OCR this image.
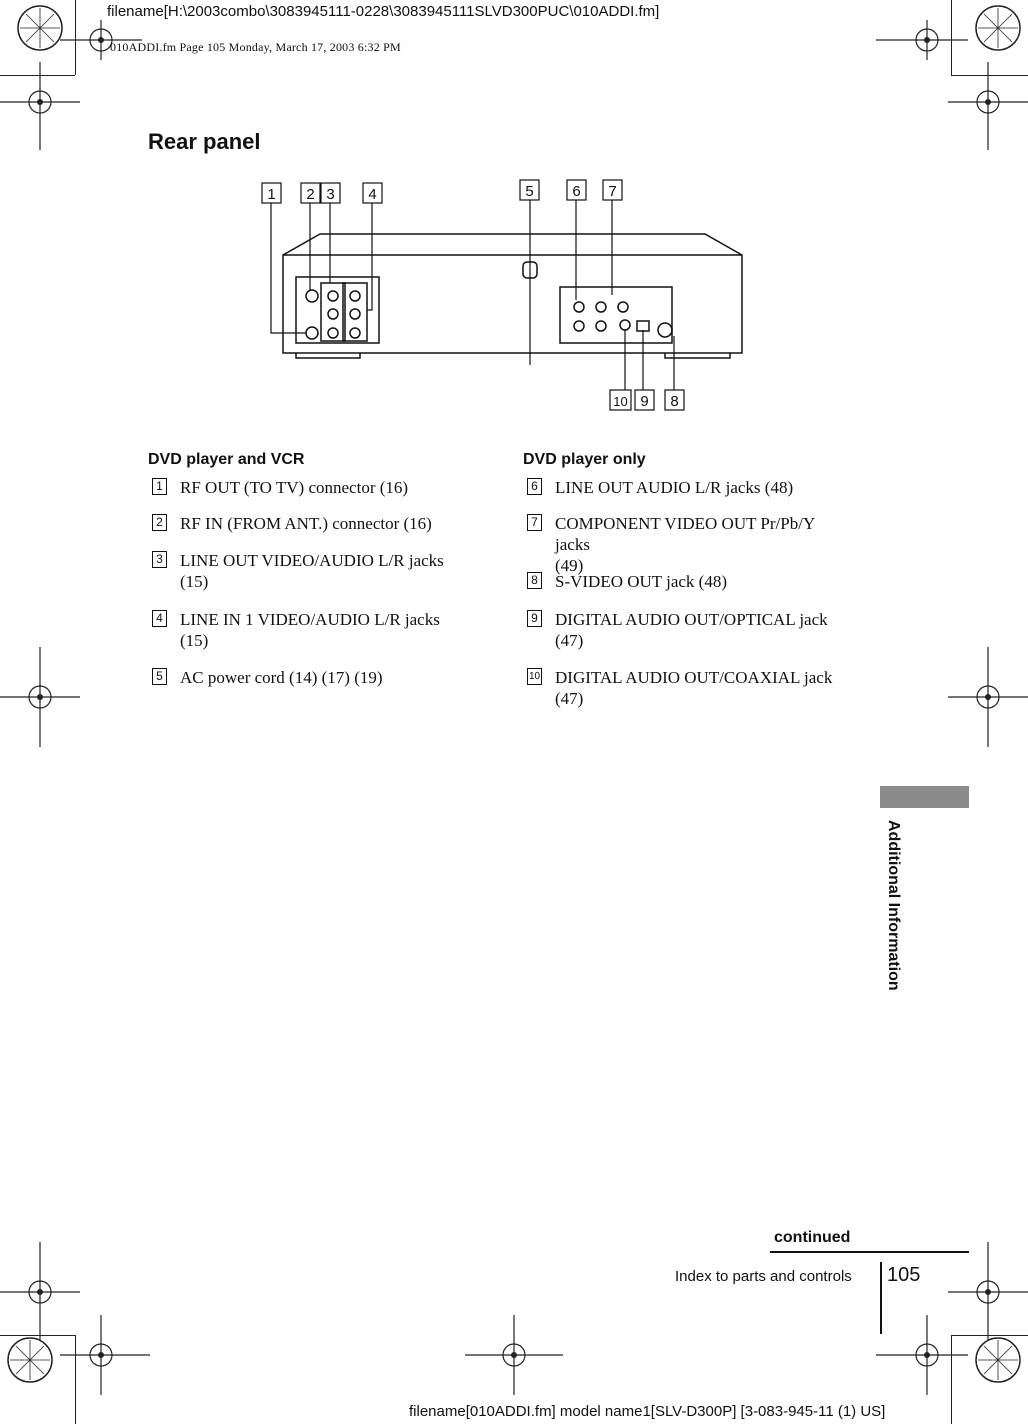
filename[H:\2003combo\3083945111-0228\3083945111SLVD300PUC\010ADDI.fm]
010ADDI.fm Page 105 Monday, March 17, 2003 6:32 PM
Rear panel
1 2 3 4	5	6 7
10 9 8
DVD player and VCR
1 RF OUT (TO TV) connector (16)
2 RF IN (FROM ANT.) connector (16)
3 LINE OUT VIDEO/AUDIO L/R jacks
(15)
4 LINE IN 1 VIDEO/AUDIO L/R jacks
(15)
5 AC power cord (14) (17) (19)
DVD player only
6 LINE OUT AUDIO L/R jacks (48)
7 COMPONENT VIDEO OUT Pr/Pb/Y
jacks (49)
8 S-VIDEO OUT jack (48)
9 DIGITAL AUDIO OUT/OPTICAL jack
(47)
10 DIGITAL AUDIO OUT/COAXIAL jack
(47)
Additional Information
continued
Index to parts and controls 105
filename[010ADDI.fm] model name1[SLV-D300P] [3-083-945-11 (1) US]
